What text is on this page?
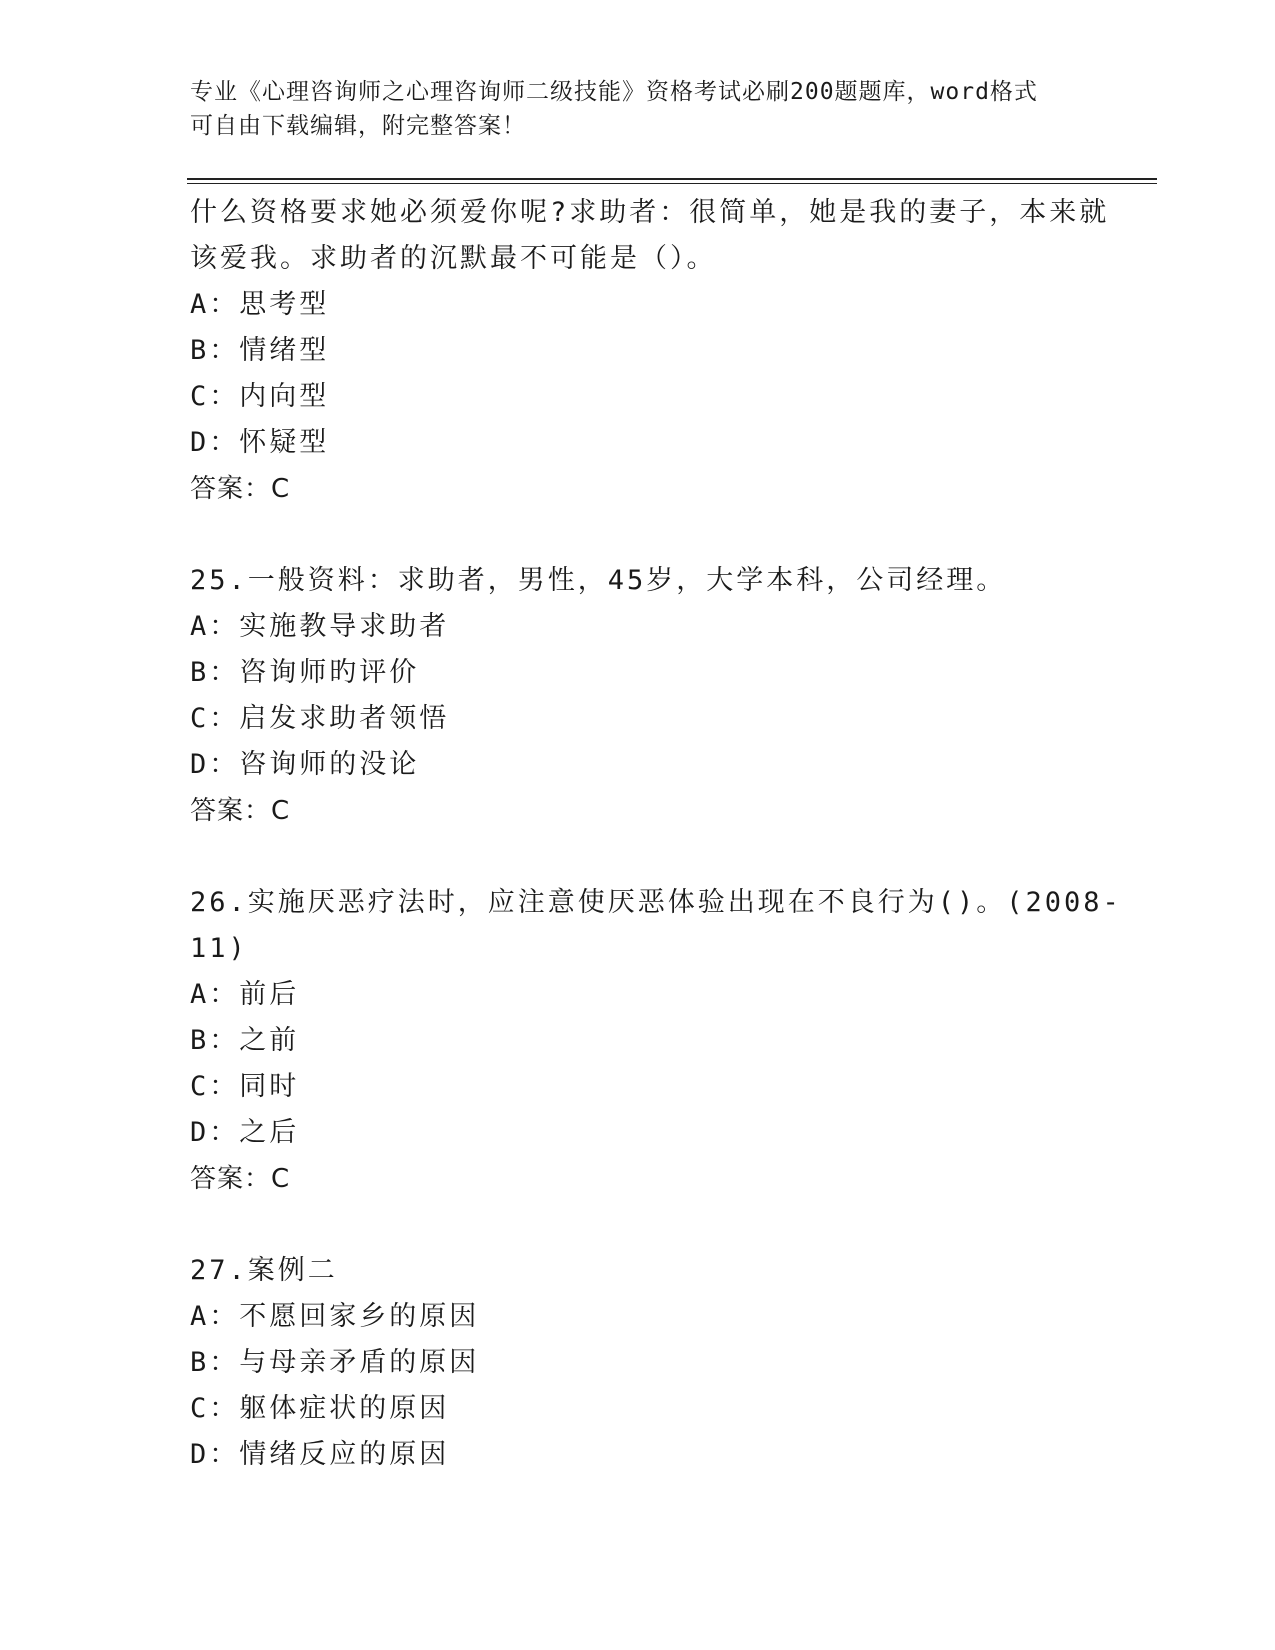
专业《心理咨询师之心理咨询师二级技能》资格考试必刷200题题库，word格式
可自由下载编辑，附完整答案！
什么资格要求她必须爱你呢?求助者：很简单，她是我的妻子，本来就
该爱我。求助者的沉默最不可能是（）。
A：思考型
B：情绪型
C：内向型
D：怀疑型
答案：C
25.一般资料：求助者，男性，45岁，大学本科，公司经理。
A：实施教导求助者
B：咨询师旳评价
C：启发求助者领悟
D：咨询师的没论
答案：C
26.实施厌恶疗法时，应注意使厌恶体验出现在不良行为()。(2008-
11)
A：前后
B：之前
C：同时
D：之后
答案：C
27.案例二
A：不愿回家乡的原因
B：与母亲矛盾的原因
C：躯体症状的原因
D：情绪反应的原因
